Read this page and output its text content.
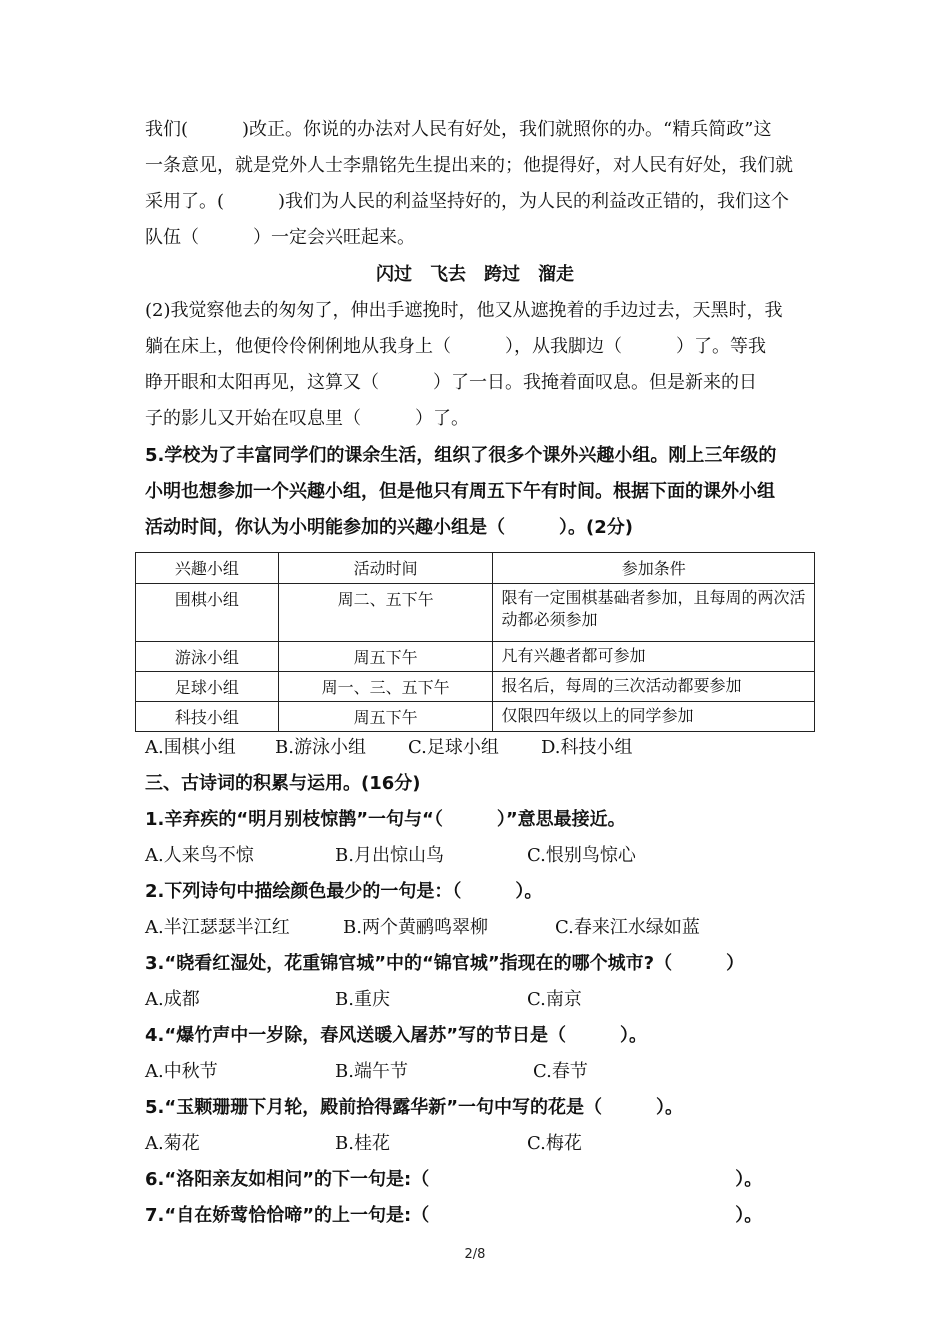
我们(　　　)改正。你说的办法对人民有好处，我们就照你的办。“精兵简政”这
一条意见，就是党外人士李鼎铭先生提出来的；他提得好，对人民有好处，我们就
采用了。(　　　)我们为人民的利益坚持好的，为人民的利益改正错的，我们这个
队伍（　　　）一定会兴旺起来。
闪过　飞去　跨过　溜走
(2)我觉察他去的匆匆了，伸出手遮挽时，他又从遮挽着的手边过去，天黑时，我
躺在床上，他便伶伶俐俐地从我身上（　　　），从我脚边（　　　）了。等我
睁开眼和太阳再见，这算又（　　　）了一日。我掩着面叹息。但是新来的日
子的影儿又开始在叹息里（　　　）了。
5.学校为了丰富同学们的课余生活，组织了很多个课外兴趣小组。刚上三年级的
小明也想参加一个兴趣小组，但是他只有周五下午有时间。根据下面的课外小组
活动时间，你认为小明能参加的兴趣小组是（　　　）。(2分)
兴趣小组	活动时间	参加条件
围棋小组	周二、五下午	限有一定围棋基础者参加，且每周的两次活动都必须参加
游泳小组	周五下午	凡有兴趣者都可参加
足球小组	周一、三、五下午	报名后，每周的三次活动都要参加
科技小组	周五下午	仅限四年级以上的同学参加
A.围棋小组	B.游泳小组	C.足球小组	D.科技小组
三、古诗词的积累与运用。(16分)
1.辛弃疾的“明月别枝惊鹊”一句与“（　　　）”意思最接近。
A.人来鸟不惊	B.月出惊山鸟	C.恨别鸟惊心
2.下列诗句中描绘颜色最少的一句是：（　　　）。
A.半江瑟瑟半江红	B.两个黄鹂鸣翠柳	C.春来江水绿如蓝
3.“晓看红湿处，花重锦官城”中的“锦官城”指现在的哪个城市?（　　　）
A.成都	B.重庆	C.南京
4.“爆竹声中一岁除，春风送暖入屠苏”写的节日是（　　　）。
A.中秋节	B.端午节	C.春节
5.“玉颗珊珊下月轮，殿前拾得露华新”一句中写的花是（　　　）。
A.菊花	B.桂花	C.梅花
6.“洛阳亲友如相问”的下一句是:（　　　　　　　　　　　　　　　　　）。
7.“自在娇莺恰恰啼”的上一句是:（　　　　　　　　　　　　　　　　　）。
2/8
